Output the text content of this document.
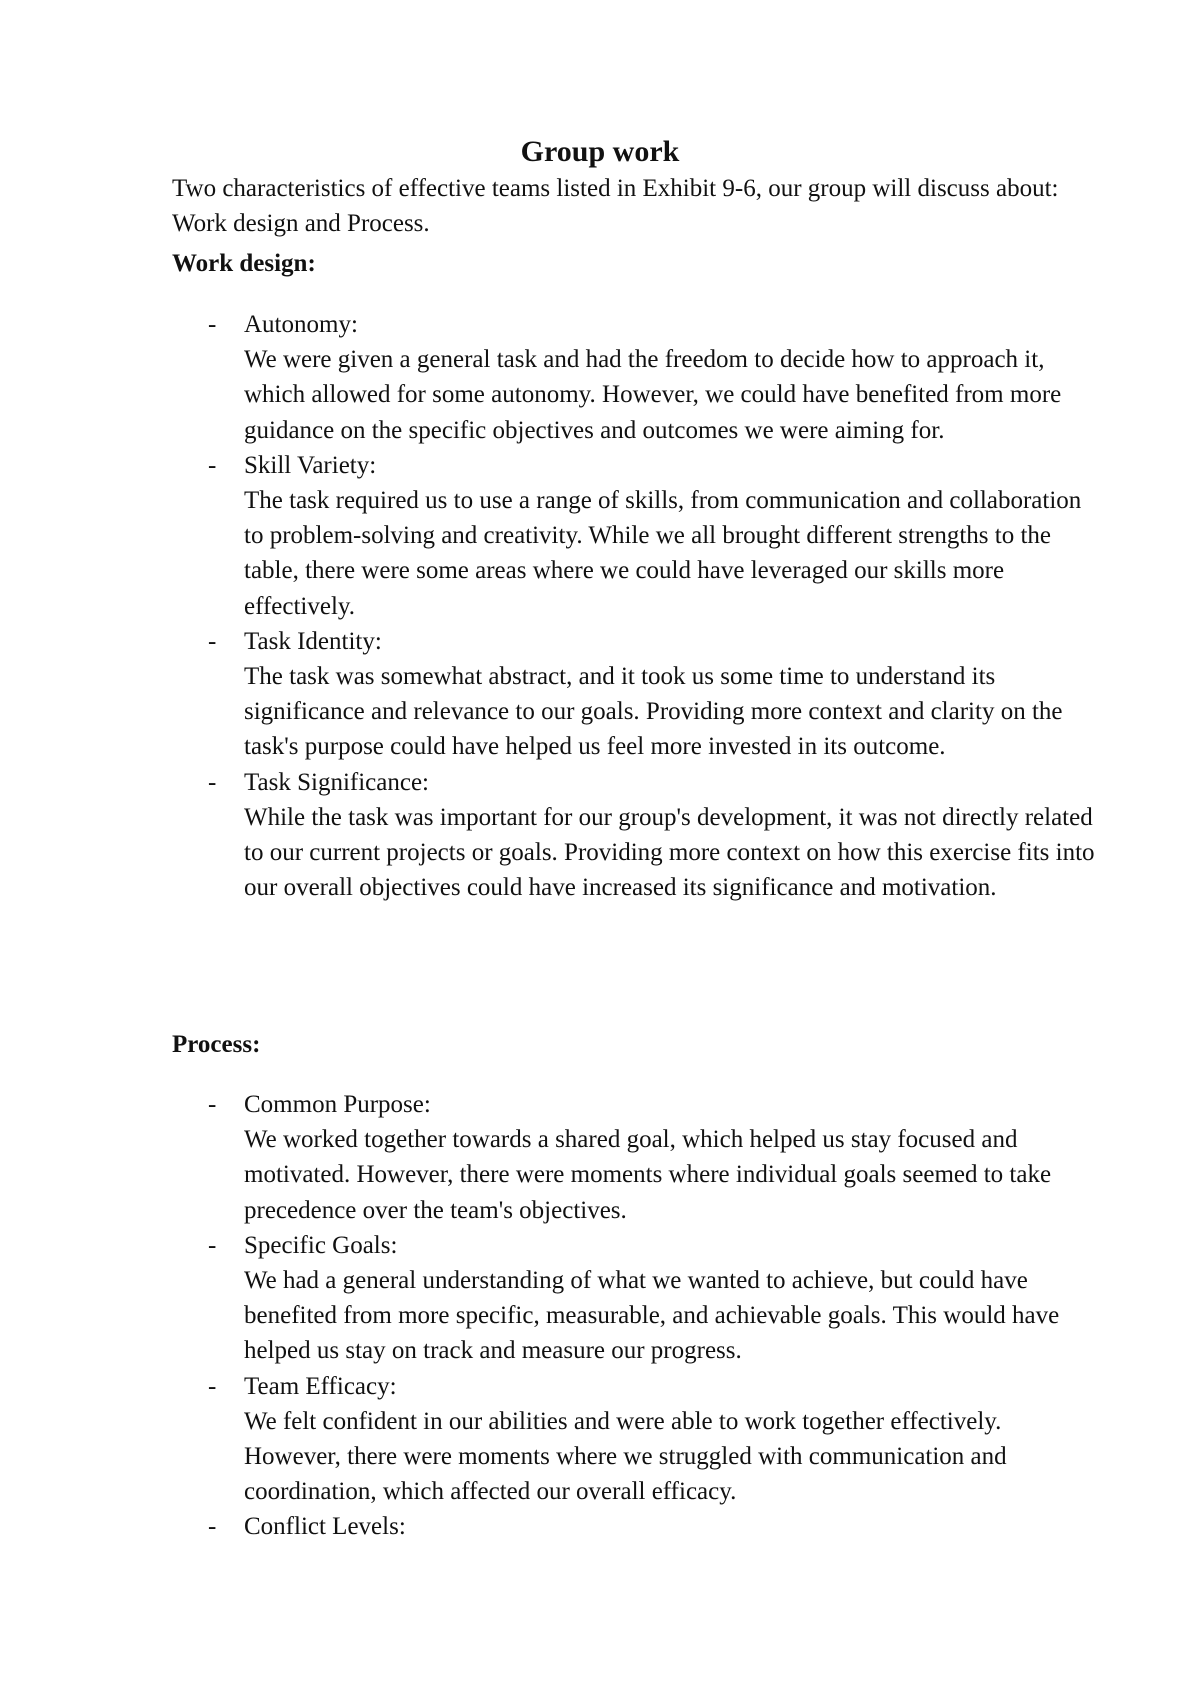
Group work

Two characteristics of effective teams listed in Exhibit 9-6, our group will discuss about: Work design and Process.

Work design:

- Autonomy:
We were given a general task and had the freedom to decide how to approach it, which allowed for some autonomy. However, we could have benefited from more guidance on the specific objectives and outcomes we were aiming for.
- Skill Variety:
The task required us to use a range of skills, from communication and collaboration to problem-solving and creativity. While we all brought different strengths to the table, there were some areas where we could have leveraged our skills more effectively.
- Task Identity:
The task was somewhat abstract, and it took us some time to understand its significance and relevance to our goals. Providing more context and clarity on the task's purpose could have helped us feel more invested in its outcome.
- Task Significance:
While the task was important for our group's development, it was not directly related to our current projects or goals. Providing more context on how this exercise fits into our overall objectives could have increased its significance and motivation.

Process:

- Common Purpose:
We worked together towards a shared goal, which helped us stay focused and motivated. However, there were moments where individual goals seemed to take precedence over the team's objectives.
- Specific Goals:
We had a general understanding of what we wanted to achieve, but could have benefited from more specific, measurable, and achievable goals. This would have helped us stay on track and measure our progress.
- Team Efficacy:
We felt confident in our abilities and were able to work together effectively. However, there were moments where we struggled with communication and coordination, which affected our overall efficacy.
- Conflict Levels:
